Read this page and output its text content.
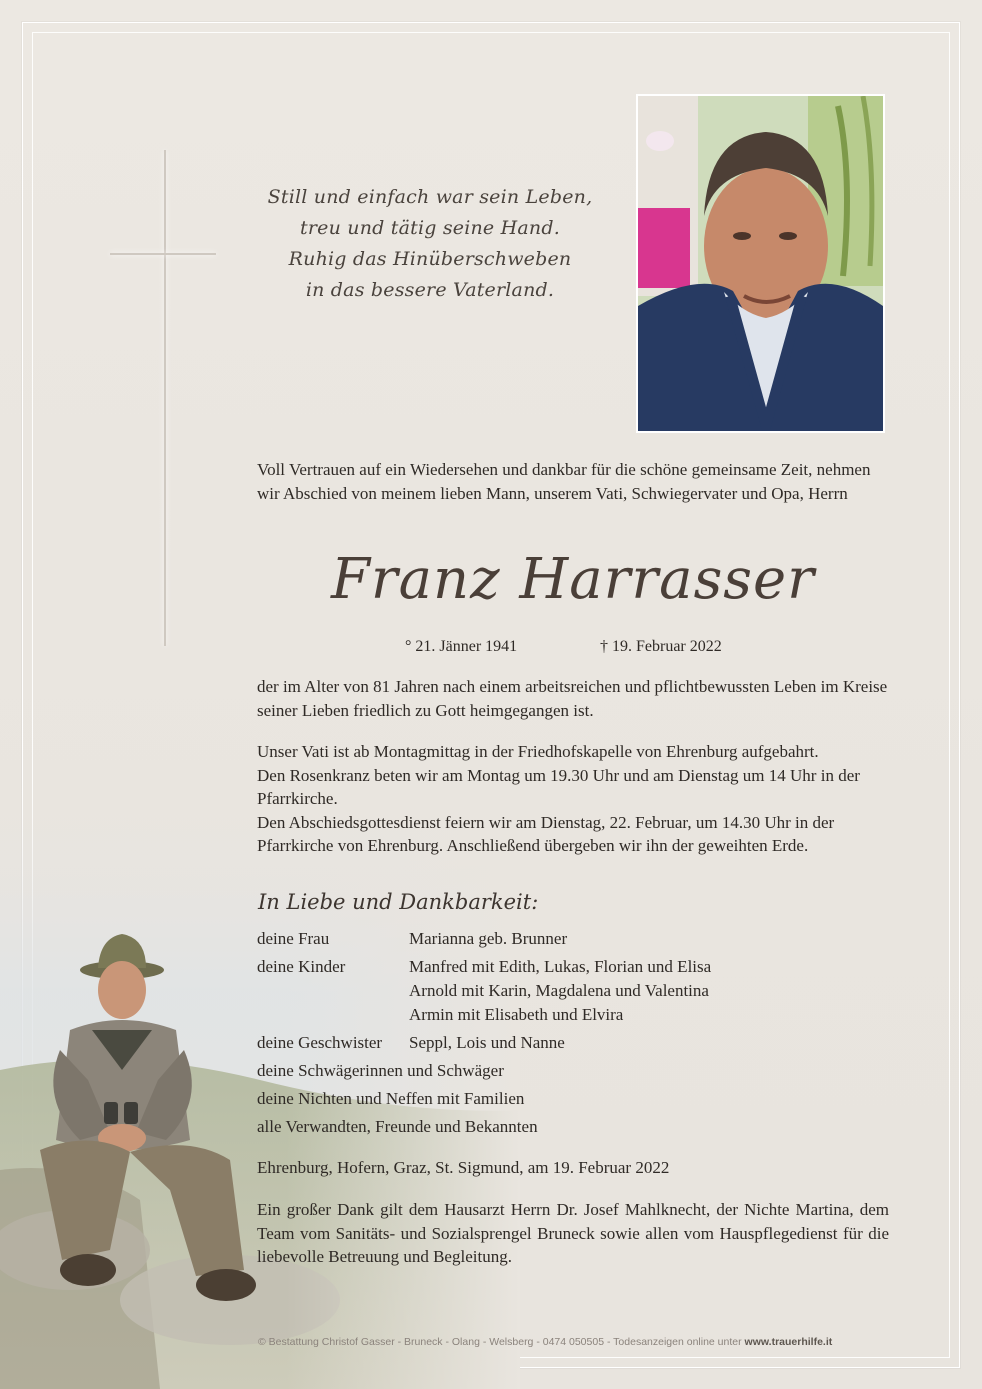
Still und einfach war sein Leben,
treu und tätig seine Hand.
Ruhig das Hinüberschweben
in das bessere Vaterland.

Voll Vertrauen auf ein Wiedersehen und dankbar für die schöne gemeinsame Zeit, nehmen wir Abschied von meinem lieben Mann, unserem Vati, Schwiegervater und Opa, Herrn

Franz Harrasser
° 21. Jänner 1941	† 19. Februar 2022

der im Alter von 81 Jahren nach einem arbeitsreichen und pflichtbewussten Leben im Kreise seiner Lieben friedlich zu Gott heimgegangen ist.

Unser Vati ist ab Montagmittag in der Friedhofskapelle von Ehrenburg aufgebahrt.

Den Rosenkranz beten wir am Montag um 19.30 Uhr und am Dienstag um 14 Uhr in der Pfarrkirche.

Den Abschiedsgottesdienst feiern wir am Dienstag, 22. Februar, um 14.30 Uhr in der Pfarrkirche von Ehrenburg. Anschließend übergeben wir ihn der geweihten Erde.

In Liebe und Dankbarkeit:
deine Frau	Marianna geb. Brunner
deine Kinder	Manfred mit Edith, Lukas, Florian und Elisa
Arnold mit Karin, Magdalena und Valentina
Armin mit Elisabeth und Elvira
deine Geschwister	Seppl, Lois und Nanne
deine Schwägerinnen und Schwäger
deine Nichten und Neffen mit Familien
alle Verwandten, Freunde und Bekannten

Ehrenburg, Hofern, Graz, St. Sigmund, am 19. Februar 2022

Ein großer Dank gilt dem Hausarzt Herrn Dr. Josef Mahlknecht, der Nichte Martina, dem Team vom Sanitäts- und Sozialsprengel Bruneck sowie allen vom Hauspflegedienst für die liebevolle Betreuung und Begleitung.

© Bestattung Christof Gasser - Bruneck - Olang - Welsberg - 0474 050505 - Todesanzeigen online unter www.trauerhilfe.it
